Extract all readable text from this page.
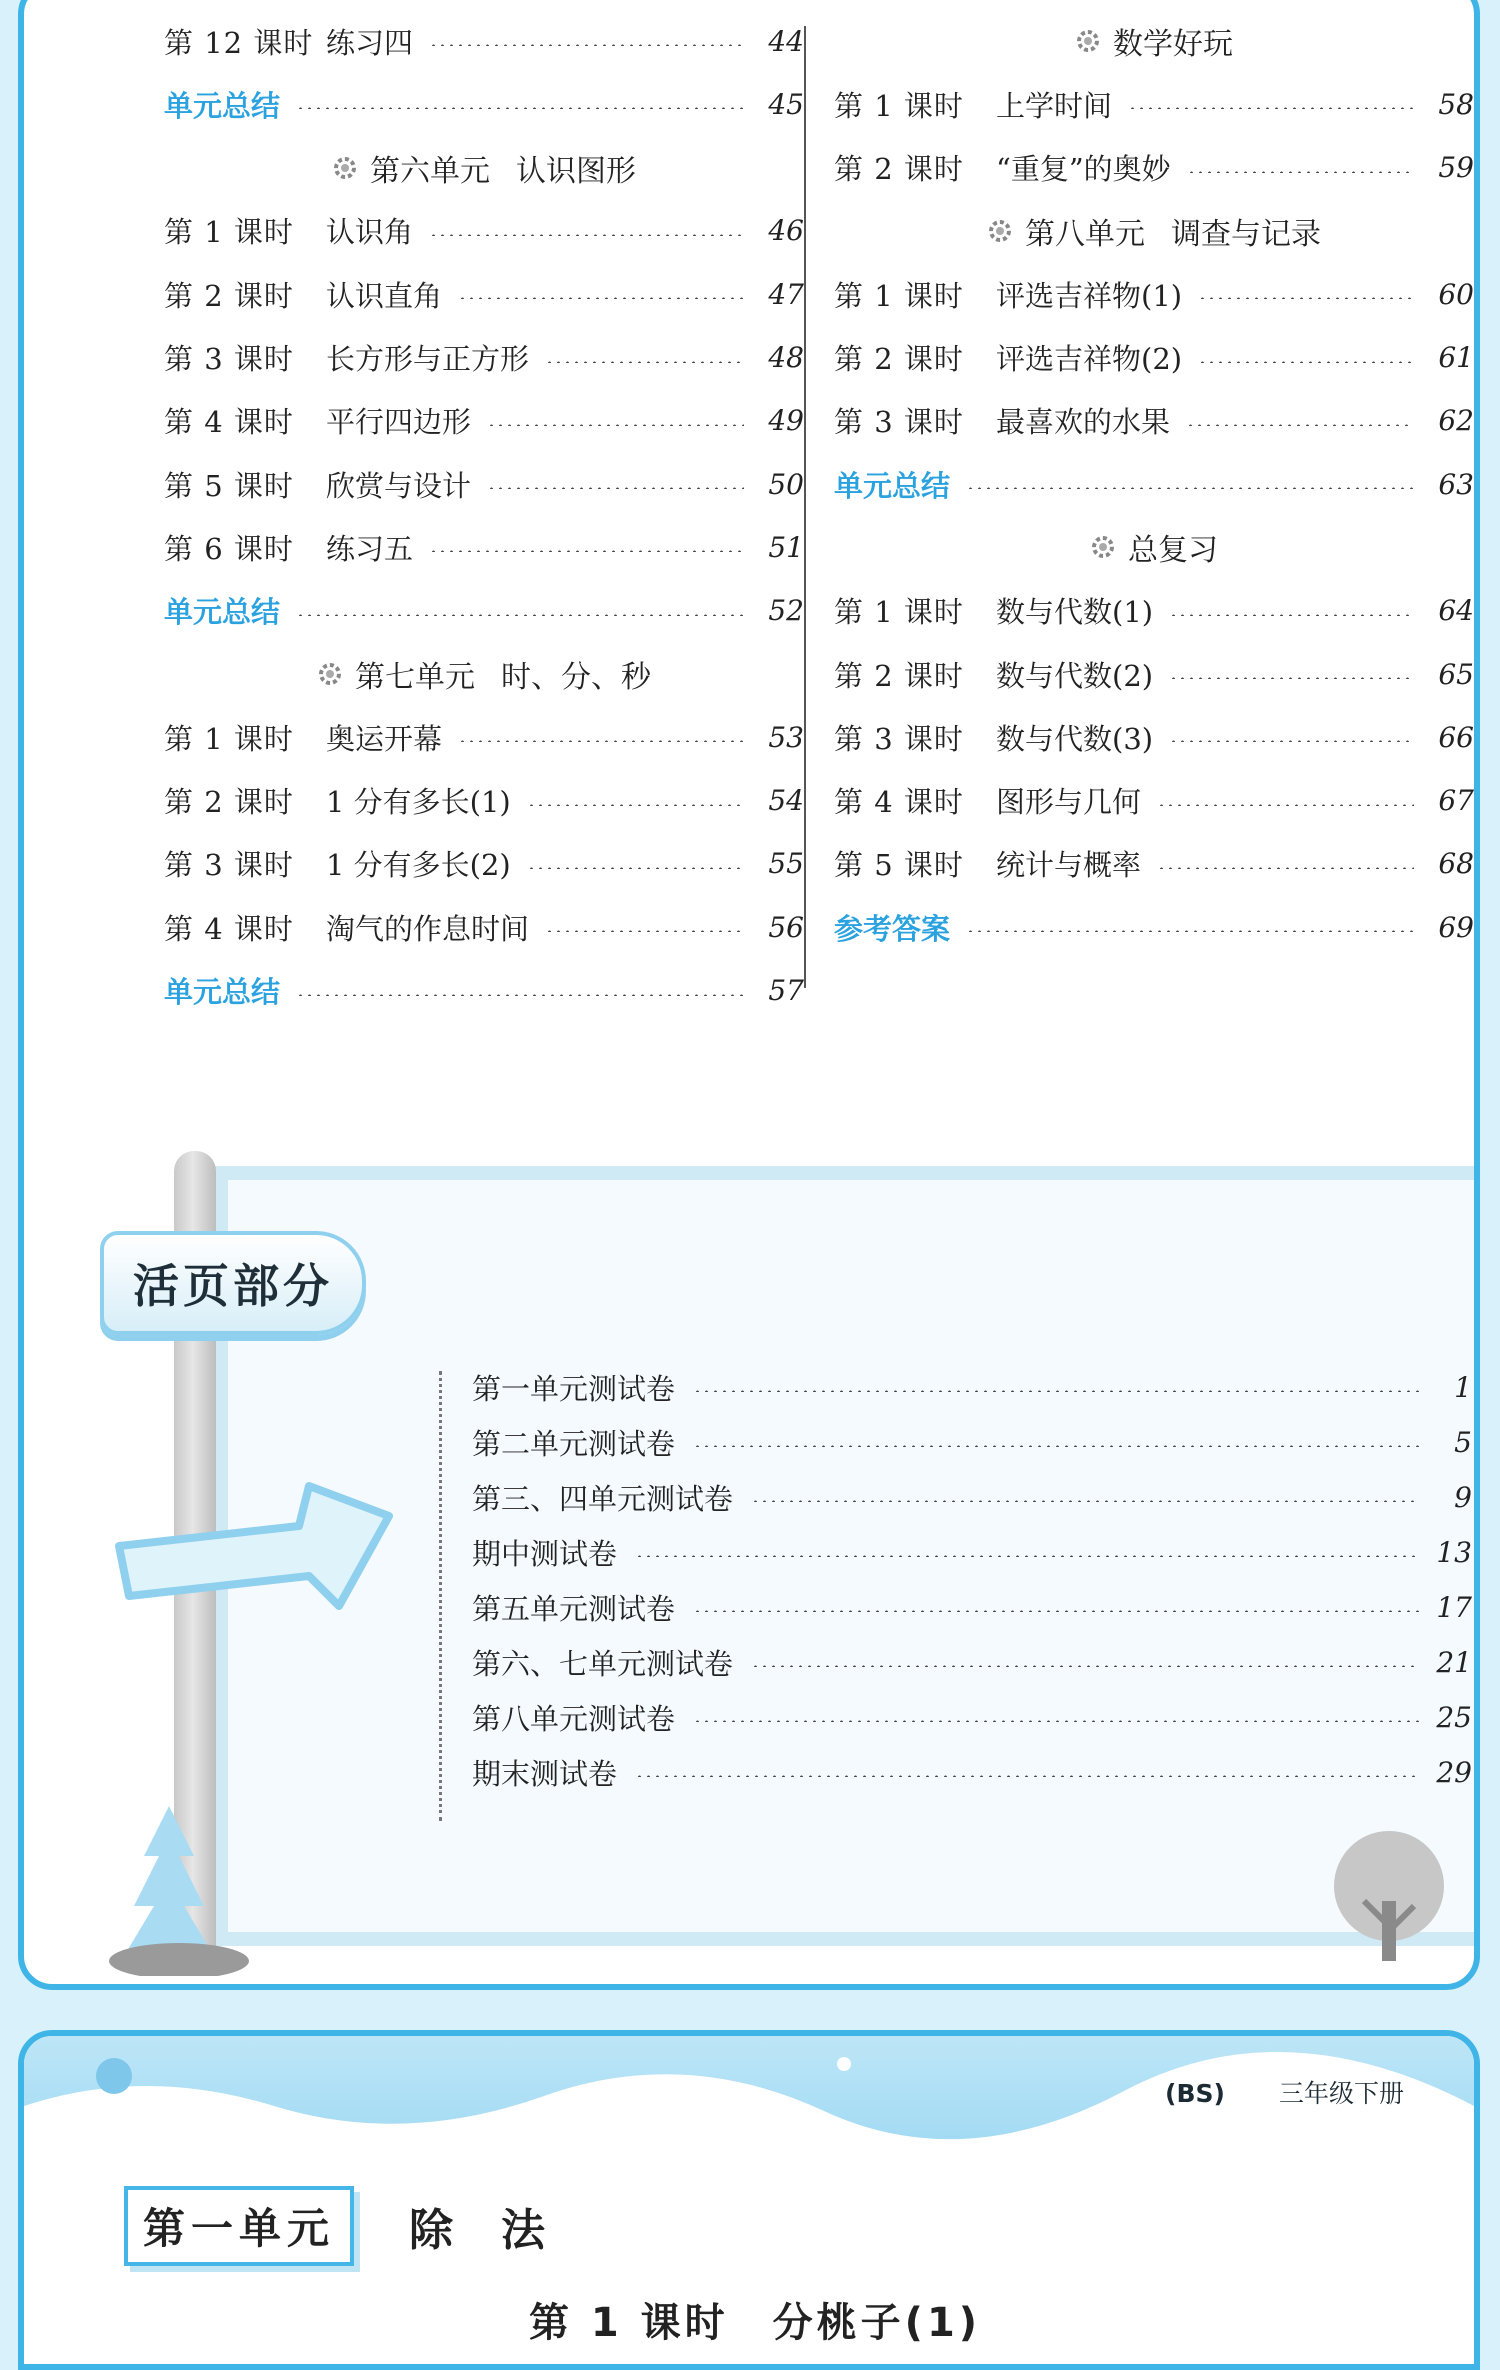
第 12 课时 练习四	44
单元总结	45
第六单元 认识图形
第 1 课时	认识角	46
第 2 课时	认识直角	47
第 3 课时	长方形与正方形	48
第 4 课时	平行四边形	49
第 5 课时	欣赏与设计	50
第 6 课时	练习五	51
单元总结	52
第七单元 时、分、秒
第 1 课时	奥运开幕	53
第 2 课时	1 分有多长(1)	54
第 3 课时	1 分有多长(2)	55
第 4 课时	淘气的作息时间	56
单元总结	57
数学好玩
第 1 课时	上学时间	58
第 2 课时	“重复”的奥妙	59
第八单元 调查与记录
第 1 课时	评选吉祥物(1)	60
第 2 课时	评选吉祥物(2)	61
第 3 课时	最喜欢的水果	62
单元总结	63
总复习
第 1 课时	数与代数(1)	64
第 2 课时	数与代数(2)	65
第 3 课时	数与代数(3)	66
第 4 课时	图形与几何	67
第 5 课时	统计与概率	68
参考答案	69
活页部分
第一单元测试卷	1
第二单元测试卷	5
第三、四单元测试卷	9
期中测试卷	13
第五单元测试卷	17
第六、七单元测试卷	21
第八单元测试卷	25
期末测试卷	29
(BS)数学三年级下册
第一单元	除法
第 1 课时　分桃子(1)
